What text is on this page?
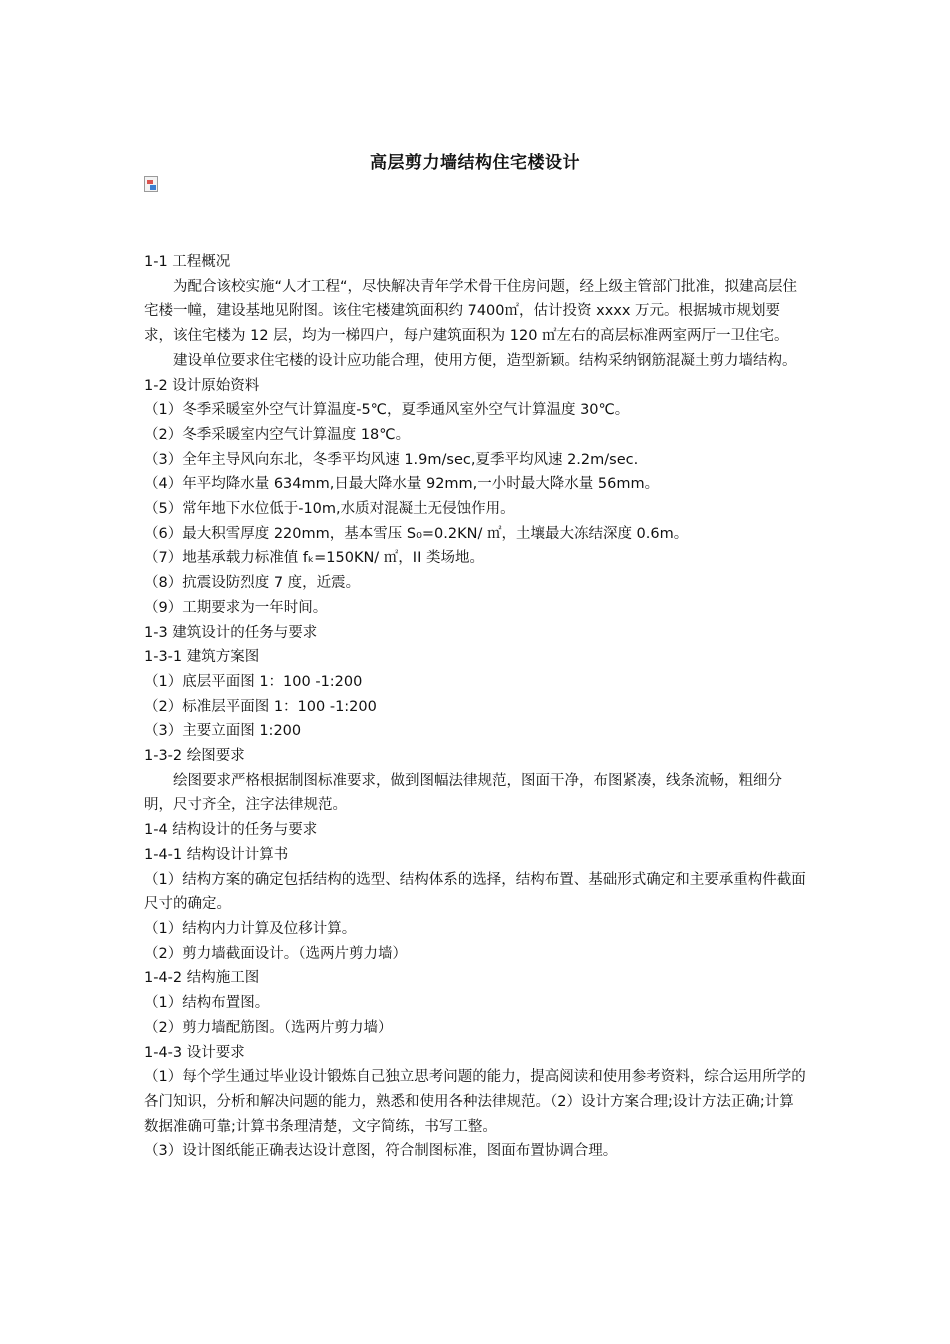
高层剪力墙结构住宅楼设计

1-1 工程概况

为配合该校实施“人才工程“，尽快解决青年学术骨干住房问题，经上级主管部门批准，拟建高层住宅楼一幢，建设基地见附图。该住宅楼建筑面积约 7400㎡，估计投资 xxxx 万元。根据城市规划要求，该住宅楼为 12 层，均为一梯四户，每户建筑面积为 120 ㎡左右的高层标准两室两厅一卫住宅。

建设单位要求住宅楼的设计应功能合理，使用方便，造型新颖。结构采纳钢筋混凝土剪力墙结构。

1-2 设计原始资料

（1）冬季采暖室外空气计算温度-5℃，夏季通风室外空气计算温度 30℃。

（2）冬季采暖室内空气计算温度 18℃。

（3）全年主导风向东北，冬季平均风速 1.9m/sec,夏季平均风速 2.2m/sec.

（4）年平均降水量 634mm,日最大降水量 92mm,一小时最大降水量 56mm。

（5）常年地下水位低于-10m,水质对混凝土无侵蚀作用。

（6）最大积雪厚度 220mm，基本雪压 S₀=0.2KN/ ㎡，土壤最大冻结深度 0.6m。

（7）地基承载力标准值 fₖ=150KN/ ㎡，II 类场地。

（8）抗震设防烈度 7 度，近震。

（9）工期要求为一年时间。

1-3 建筑设计的任务与要求

1-3-1 建筑方案图

（1）底层平面图 1：100 -1:200

（2）标准层平面图 1：100 -1:200

（3）主要立面图 1:200

1-3-2 绘图要求

绘图要求严格根据制图标准要求，做到图幅法律规范，图面干净，布图紧凑，线条流畅，粗细分明，尺寸齐全，注字法律规范。

1-4 结构设计的任务与要求

1-4-1 结构设计计算书

（1）结构方案的确定包括结构的选型、结构体系的选择，结构布置、基础形式确定和主要承重构件截面尺寸的确定。

（1）结构内力计算及位移计算。

（2）剪力墙截面设计。（选两片剪力墙）

1-4-2 结构施工图

（1）结构布置图。

（2）剪力墙配筋图。（选两片剪力墙）

1-4-3 设计要求

（1）每个学生通过毕业设计锻炼自己独立思考问题的能力，提高阅读和使用参考资料，综合运用所学的各门知识，分析和解决问题的能力，熟悉和使用各种法律规范。（2）设计方案合理;设计方法正确;计算数据准确可靠;计算书条理清楚，文字简练，书写工整。

（3）设计图纸能正确表达设计意图，符合制图标准，图面布置协调合理。
